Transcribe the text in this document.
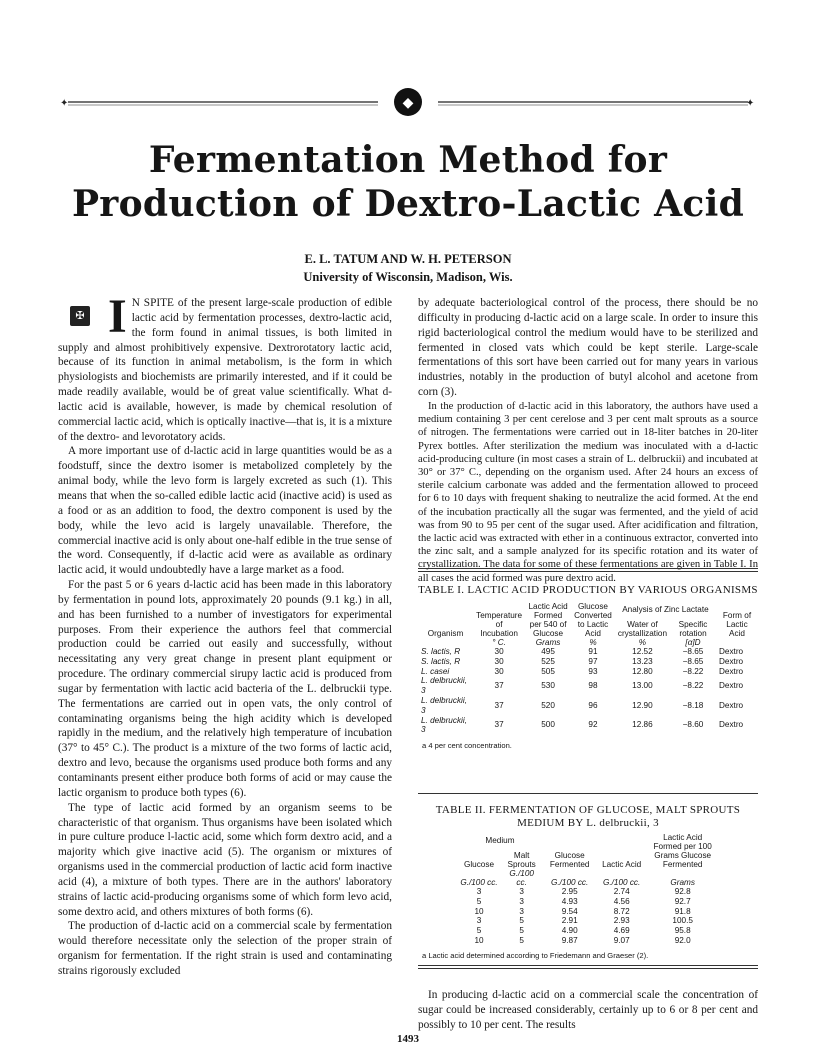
◆
✦	✦
Fermentation Method for
Production of Dextro-Lactic Acid
E. L. TATUM AND W. H. PETERSON
University of Wisconsin, Madison, Wis.

✠ I N SPITE of the present large-scale production of edible lactic acid by fermentation processes, dextro-lactic acid, the form found in animal tissues, is both limited in supply and almost prohibitively expensive. Dextrorotatory lactic acid, because of its function in animal metabolism, is the form in which physiologists and biochemists are primarily interested, and if it could be made readily available, would be of great value scientifically. What d-lactic acid is available, however, is made by chemical resolution of commercial lactic acid, which is optically inactive—that is, it is a mixture of the dextro- and levorotatory acids.

A more important use of d-lactic acid in large quantities would be as a foodstuff, since the dextro isomer is metabolized completely by the animal body, while the levo form is largely excreted as such (1). This means that when the so-called edible lactic acid (inactive acid) is used as a food or as an addition to food, the dextro component is used by the body, while the levo acid is largely unavailable. Therefore, the commercial inactive acid is only about one-half edible in the true sense of the word. Consequently, if d-lactic acid were as available as ordinary lactic acid, it would undoubtedly have a large market as a food.

For the past 5 or 6 years d-lactic acid has been made in this laboratory by fermentation in pound lots, approximately 20 pounds (9.1 kg.) in all, and has been furnished to a number of investigators for experimental purposes. From their experience the authors feel that commercial production could be carried out easily and successfully, without necessitating any very great change in present plant equipment or procedure. The ordinary commercial sirupy lactic acid is produced from sugar by fermentation with lactic acid bacteria of the L. delbruckii type. The fermentations are carried out in open vats, the only control of contaminating organisms being the high acidity which is developed rapidly in the medium, and the relatively high temperature of incubation (37° to 45° C.). The product is a mixture of the two forms of lactic acid, dextro and levo, because the organisms used produce both forms and any contaminants present either produce both forms of acid or may cause the lactic organism to produce both types (6).

The type of lactic acid formed by an organism seems to be characteristic of that organism. Thus organisms have been isolated which in pure culture produce l-lactic acid, some which form dextro acid, and a majority which give inactive acid (5). The organism or mixtures of organisms used in the commercial production of lactic acid form inactive acid (4), a mixture of both types. There are in the authors' laboratory strains of lactic acid-producing organisms some of which form levo acid, some dextro acid, and others mixtures of both forms (6).

The production of d-lactic acid on a commercial scale by fermentation would therefore necessitate only the selection of the proper strain of organism for fermentation. If the right strain is used and contaminating strains rigorously excluded

by adequate bacteriological control of the process, there should be no difficulty in producing d-lactic acid on a large scale. In order to insure this rigid bacteriological control the medium would have to be sterilized and fermented in closed vats which could be kept sterile. Large-scale fermentations of this sort have been carried out for many years in various industries, notably in the production of butyl alcohol and acetone from corn (3).

In the production of d-lactic acid in this laboratory, the authors have used a medium containing 3 per cent cerelose and 3 per cent malt sprouts as a source of nitrogen. The fermentations were carried out in 18-liter batches in 20-liter Pyrex bottles. After sterilization the medium was inoculated with a d-lactic acid-producing culture (in most cases a strain of L. delbruckii) and incubated at 30° or 37° C., depending on the organism used. After 24 hours an excess of sterile calcium carbonate was added and the fermentation allowed to proceed for 6 to 10 days with frequent shaking to neutralize the acid formed. At the end of the incubation practically all the sugar was fermented, and the yield of acid was from 90 to 95 per cent of the sugar used. After acidification and filtration, the lactic acid was extracted with ether in a continuous extractor, converted into the zinc salt, and a sample analyzed for its specific rotation and its water of crystallization. The data for some of these fermentations are given in Table I. In all cases the acid formed was pure dextro acid.

TABLE I. LACTIC ACID PRODUCTION BY VARIOUS ORGANISMS
Organism	Temperature of Incubation	Lactic Acid Formed per 540 of Glucose	Glucose Converted to Lactic Acid	Analysis of Zinc Lactate		Form of Lactic Acid
				Water of crystallization	Specific rotation	
	° C.	Grams	%	%	[α]D	
S. lactis, R	30	495	91	12.52	−8.65	Dextro
S. lactis, R	30	525	97	13.23	−8.65	Dextro
L. casei	30	505	93	12.80	−8.22	Dextro
L. delbruckii, 3	37	530	98	13.00	−8.22	Dextro
L. delbruckii, 3	37	520	96	12.90	−8.18	Dextro
L. delbruckii, 3	37	500	92	12.86	−8.60	Dextro
a 4 per cent concentration.
TABLE II. FERMENTATION OF GLUCOSE, MALT SPROUTS
MEDIUM BY L. delbruckii, 3
Medium		Glucose Fermented	Lactic Acid	Lactic Acid Formed per 100 Grams Glucose Fermented
Glucose	Malt Sprouts			
G./100 cc.	G./100 cc.	G./100 cc.	G./100 cc.	Grams
3	3	2.95	2.74	92.8
5	3	4.93	4.56	92.7
10	3	9.54	8.72	91.8
3	5	2.91	2.93	100.5
5	5	4.90	4.69	95.8
10	5	9.87	9.07	92.0
a Lactic acid determined according to Friedemann and Graeser (2).

In producing d-lactic acid on a commercial scale the concentration of sugar could be increased considerably, certainly up to 6 or 8 per cent and possibly to 10 per cent. The results

1493
